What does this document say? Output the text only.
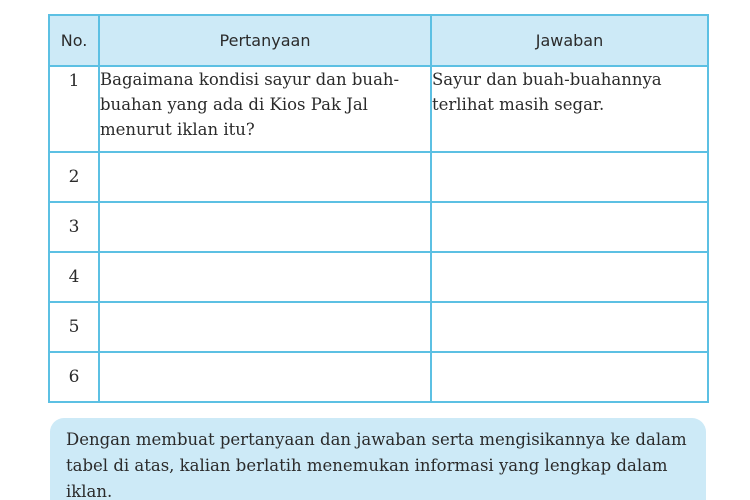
No.	Pertanyaan	Jawaban
1	Bagaimana kondisi sayur dan buah-buahan yang ada di Kios Pak Jal menurut iklan itu?	Sayur dan buah-buahannya terlihat masih segar.
2		
3		
4		
5		
6		
Dengan membuat pertanyaan dan jawaban serta mengisikannya ke dalam tabel di atas, kalian berlatih menemukan informasi yang lengkap dalam iklan.
